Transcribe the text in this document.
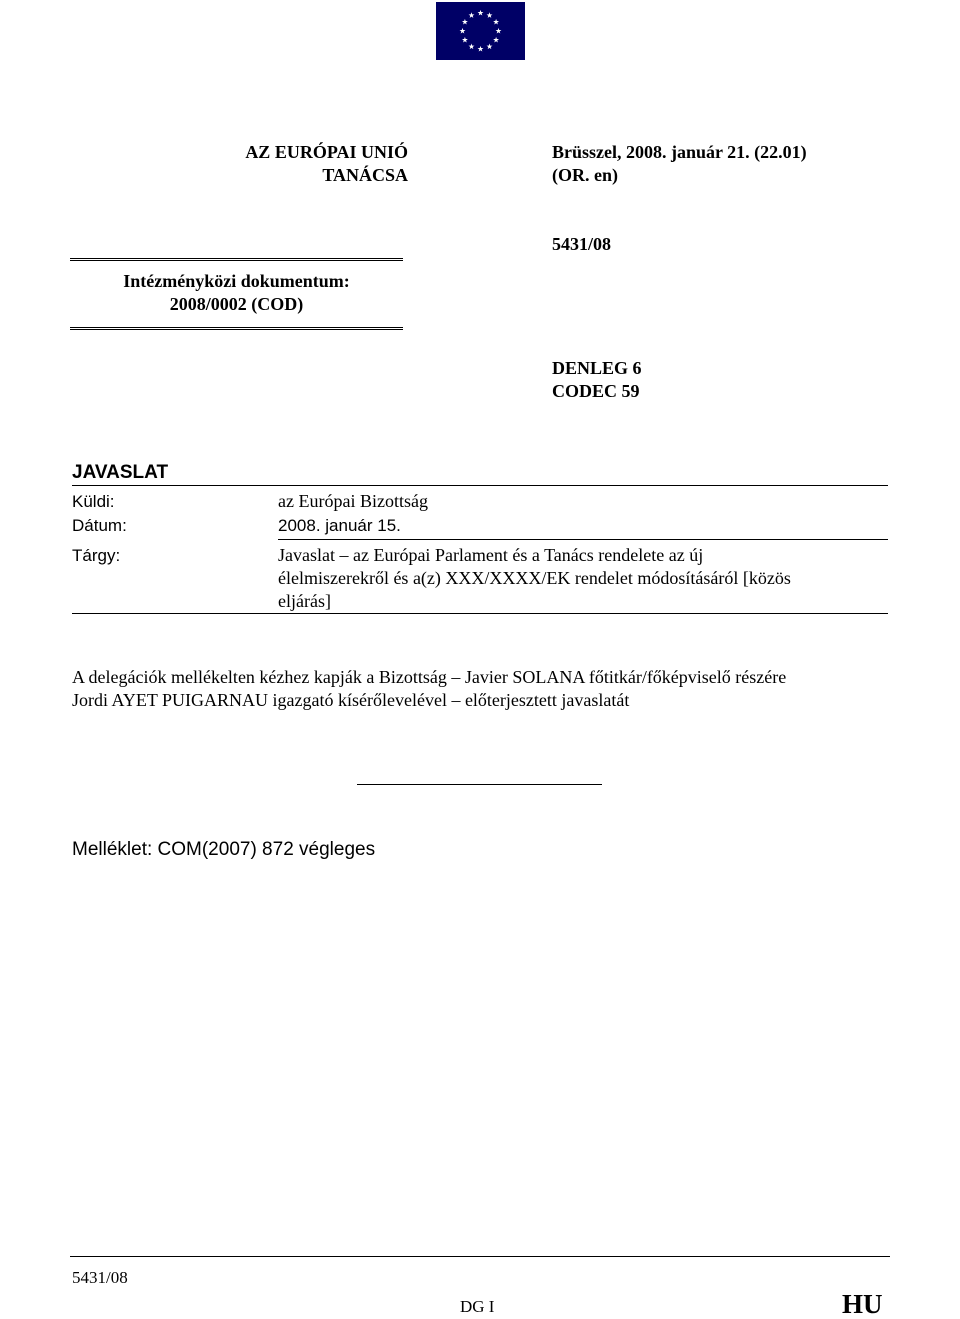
AZ EURÓPAI UNIÓ
TANÁCSA
Brüsszel, 2008. január 21. (22.01)
(OR. en)
5431/08
Intézményközi dokumentum:
2008/0002 (COD)
DENLEG 6
CODEC 59
JAVASLAT
Küldi:	az Európai Bizottság
Dátum:	2008. január 15.
Tárgy:	Javaslat – az Európai Parlament és a Tanács rendelete az új
élelmiszerekről és a(z) XXX/XXXX/EK rendelet módosításáról [közös
eljárás]
A delegációk mellékelten kézhez kapják a Bizottság – Javier SOLANA főtitkár/főképviselő részére
Jordi AYET PUIGARNAU igazgató kísérőlevelével – előterjesztett javaslatát
Melléklet: COM(2007) 872 végleges
5431/08
DG I	HU
